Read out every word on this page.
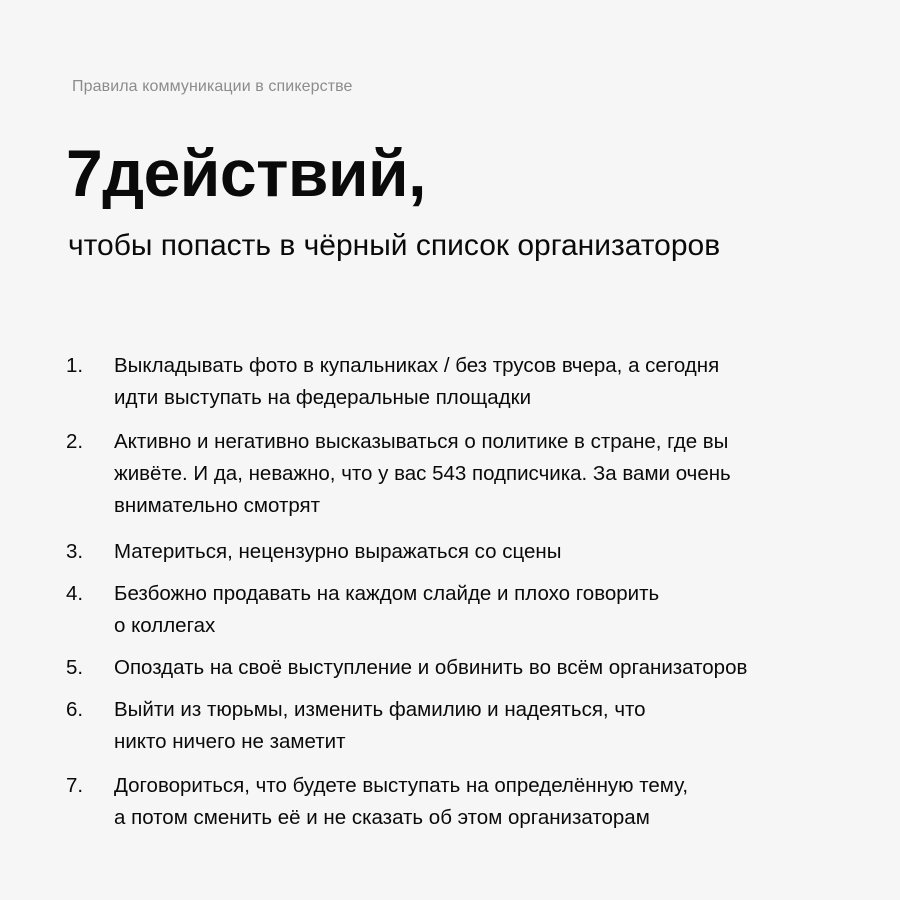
Правила коммуникации в спикерстве
7действий,
чтобы попасть в чёрный список организаторов
1.	Выкладывать фото в купальниках / без трусов вчера, а сегодня
идти выступать на федеральные площадки
2.	Активно и негативно высказываться о политике в стране, где вы
живёте. И да, неважно, что у вас 543 подписчика. За вами очень
внимательно смотрят
3.	Материться, нецензурно выражаться со сцены
4.	Безбожно продавать на каждом слайде и плохо говорить
о коллегах
5.	Опоздать на своё выступление и обвинить во всём организаторов
6.	Выйти из тюрьмы, изменить фамилию и надеяться, что
никто ничего не заметит
7.	Договориться, что будете выступать на определённую тему,
а потом сменить её и не сказать об этом организаторам
